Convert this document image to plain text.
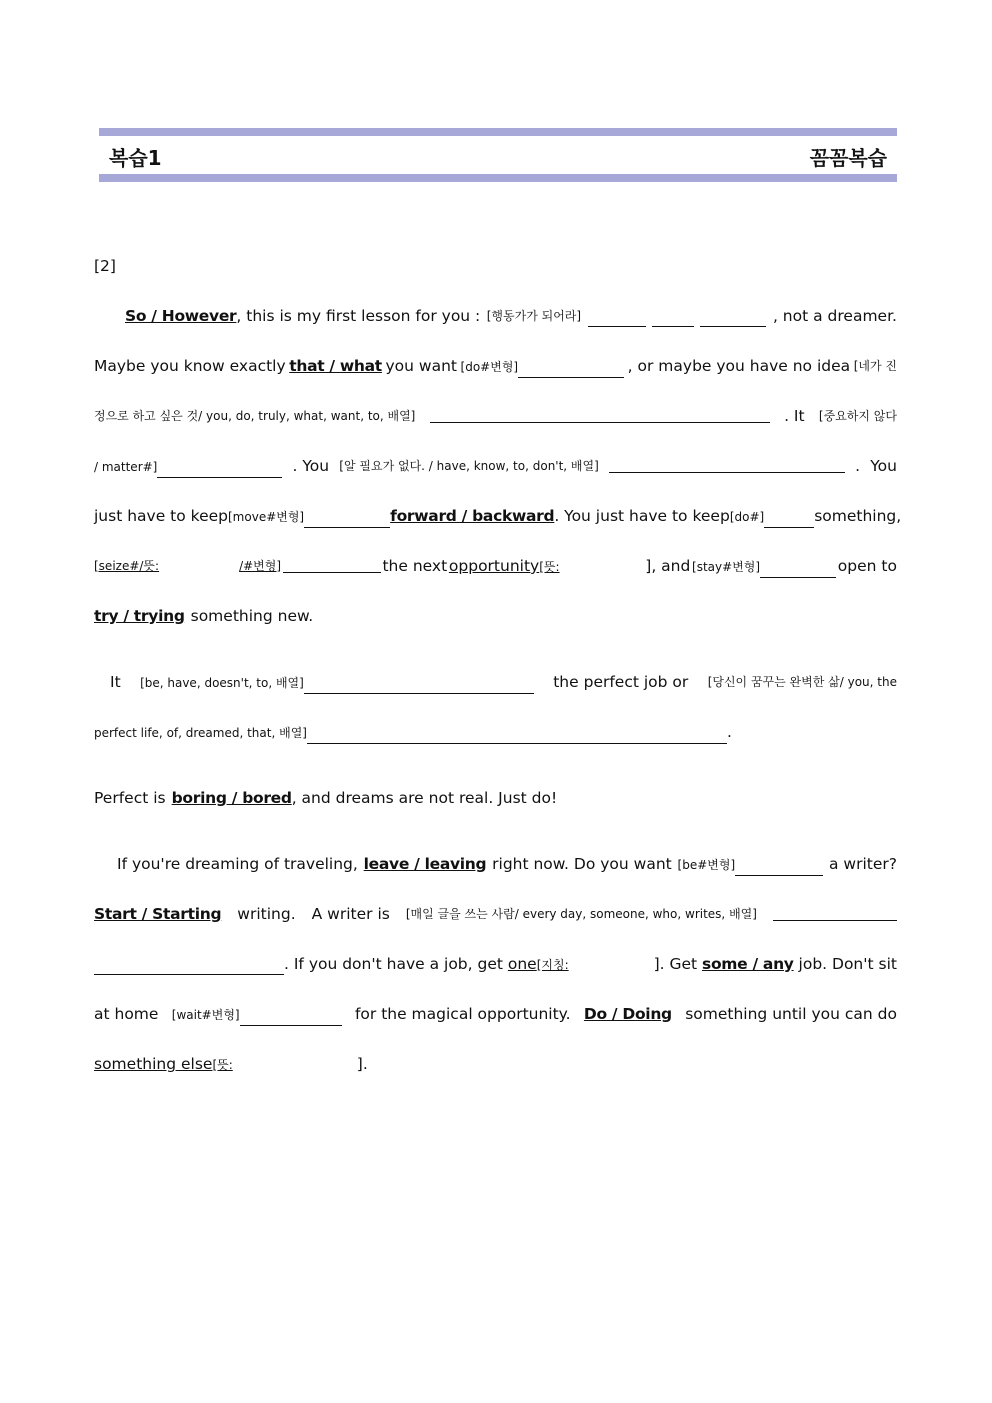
복습1	꼼꼼복습
[2]
So / However, this is my first lesson for you : [행동가가 되어라]	, not a dreamer.
Maybe you know exactly that / what you want [do#변형]	, or maybe you have no idea [네가 진
정으로 하고 싶은 것/ you, do, truly, what, want, to, 배열]	. It [중요하지 않다
/ matter#]	. You [알 필요가 없다. / have, know, to, don't, 배열]	. You
just have to keep [move#변형]	forward / backward. You just have to keep [do#]	something,
[seize#/뜻:	/#변형]	the next opportunity[뜻:	], and [stay#변형]	open to
try / trying something new.
It [be, have, doesn't, to, 배열]	the perfect job or [당신이 꿈꾸는 완벽한 삶/ you, the
perfect life, of, dreamed, that, 배열]	.
Perfect is boring / bored, and dreams are not real. Just do!
If you're dreaming of traveling, leave / leaving right now. Do you want [be#변형]	a writer?
Start / Starting writing. A writer is [매일 글을 쓰는 사람/ every day, someone, who, writes, 배열]
. If you don't have a job, get one[지칭:	]. Get some / any job. Don't sit
at home [wait#변형]	for the magical opportunity. Do / Doing something until you can do
something else[뜻:	].
